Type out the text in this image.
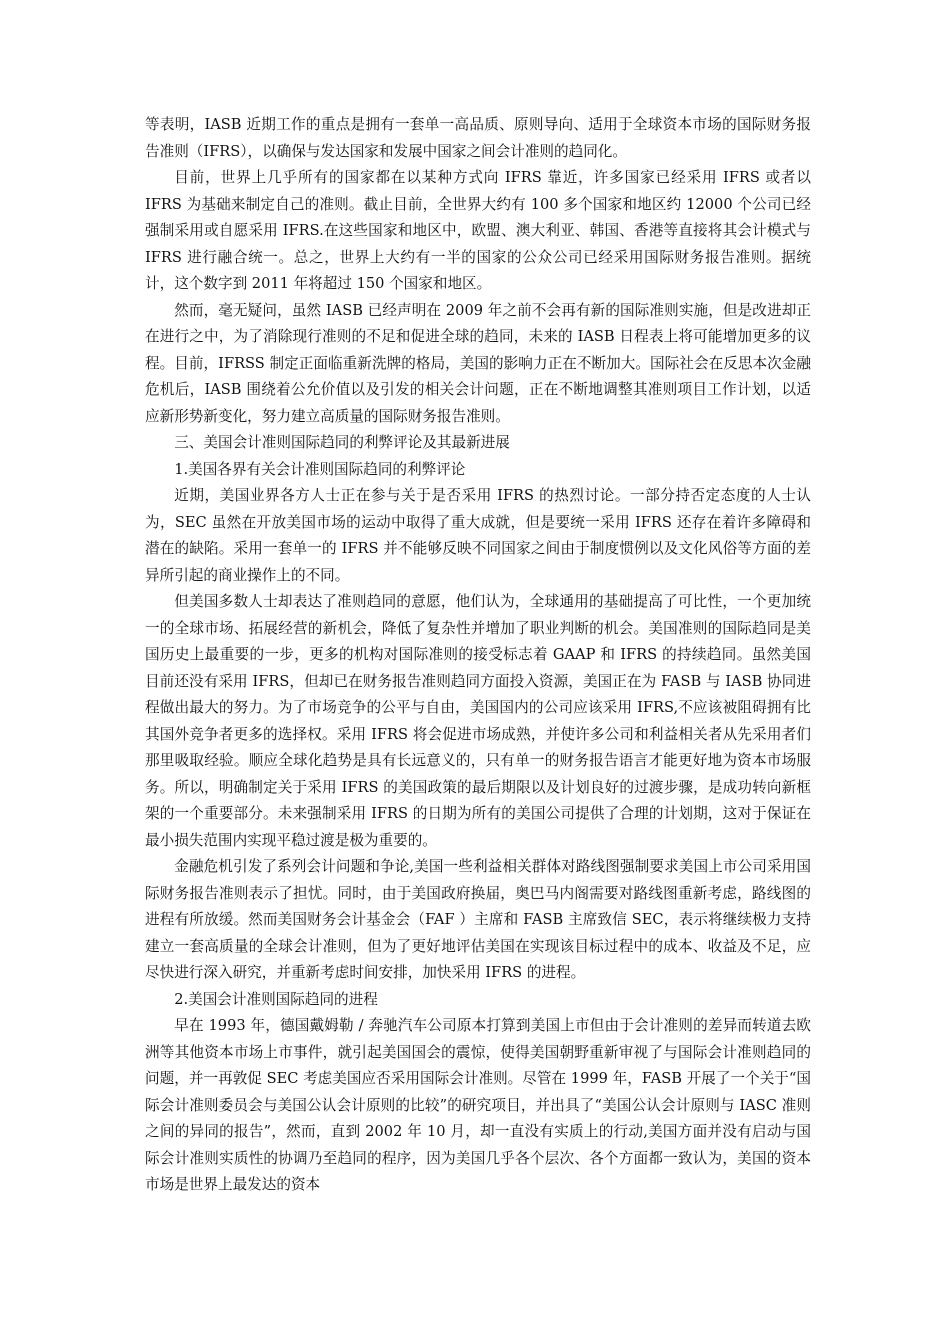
等表明，IASB 近期工作的重点是拥有一套单一高品质、原则导向、适用于全球资本市场的国际财务报告准则（IFRS），以确保与发达国家和发展中国家之间会计准则的趋同化。

目前，世界上几乎所有的国家都在以某种方式向 IFRS 靠近，许多国家已经采用 IFRS 或者以 IFRS 为基础来制定自己的准则。截止目前，全世界大约有 100 多个国家和地区约 12000 个公司已经强制采用或自愿采用 IFRS.在这些国家和地区中，欧盟、澳大利亚、韩国、香港等直接将其会计模式与 IFRS 进行融合统一。总之，世界上大约有一半的国家的公众公司已经采用国际财务报告准则。据统计，这个数字到 2011 年将超过 150 个国家和地区。

然而，毫无疑问，虽然 IASB 已经声明在 2009 年之前不会再有新的国际准则实施，但是改进却正在进行之中，为了消除现行准则的不足和促进全球的趋同，未来的 IASB 日程表上将可能增加更多的议程。目前，IFRSS 制定正面临重新洗牌的格局，美国的影响力正在不断加大。国际社会在反思本次金融危机后，IASB 围绕着公允价值以及引发的相关会计问题，正在不断地调整其准则项目工作计划，以适应新形势新变化，努力建立高质量的国际财务报告准则。

三、美国会计准则国际趋同的利弊评论及其最新进展

1.美国各界有关会计准则国际趋同的利弊评论

近期，美国业界各方人士正在参与关于是否采用 IFRS 的热烈讨论。一部分持否定态度的人士认为，SEC 虽然在开放美国市场的运动中取得了重大成就，但是要统一采用 IFRS 还存在着许多障碍和潜在的缺陷。采用一套单一的 IFRS 并不能够反映不同国家之间由于制度惯例以及文化风俗等方面的差异所引起的商业操作上的不同。

但美国多数人士却表达了准则趋同的意愿，他们认为，全球通用的基础提高了可比性，一个更加统一的全球市场、拓展经营的新机会，降低了复杂性并增加了职业判断的机会。美国准则的国际趋同是美国历史上最重要的一步，更多的机构对国际准则的接受标志着 GAAP 和 IFRS 的持续趋同。虽然美国目前还没有采用 IFRS，但却已在财务报告准则趋同方面投入资源，美国正在为 FASB 与 IASB 协同进程做出最大的努力。为了市场竞争的公平与自由，美国国内的公司应该采用 IFRS,不应该被阻碍拥有比其国外竞争者更多的选择权。采用 IFRS 将会促进市场成熟，并使许多公司和利益相关者从先采用者们那里吸取经验。顺应全球化趋势是具有长远意义的，只有单一的财务报告语言才能更好地为资本市场服务。所以，明确制定关于采用 IFRS 的美国政策的最后期限以及计划良好的过渡步骤，是成功转向新框架的一个重要部分。未来强制采用 IFRS 的日期为所有的美国公司提供了合理的计划期，这对于保证在最小损失范围内实现平稳过渡是极为重要的。

金融危机引发了系列会计问题和争论,美国一些利益相关群体对路线图强制要求美国上市公司采用国际财务报告准则表示了担忧。同时，由于美国政府换届，奥巴马内阁需要对路线图重新考虑，路线图的进程有所放缓。然而美国财务会计基金会（FAF ）主席和 FASB 主席致信 SEC，表示将继续极力支持建立一套高质量的全球会计准则，但为了更好地评估美国在实现该目标过程中的成本、收益及不足，应尽快进行深入研究，并重新考虑时间安排，加快采用 IFRS 的进程。

2.美国会计准则国际趋同的进程

早在 1993 年，德国戴姆勒 / 奔驰汽车公司原本打算到美国上市但由于会计准则的差异而转道去欧洲等其他资本市场上市事件，就引起美国国会的震惊，使得美国朝野重新审视了与国际会计准则趋同的问题，并一再敦促 SEC 考虑美国应否采用国际会计准则。尽管在 1999 年，FASB 开展了一个关于“国际会计准则委员会与美国公认会计原则的比较”的研究项目，并出具了“美国公认会计原则与 IASC 准则之间的异同的报告”，然而，直到 2002 年 10 月，却一直没有实质上的行动,美国方面并没有启动与国际会计准则实质性的协调乃至趋同的程序，因为美国几乎各个层次、各个方面都一致认为，美国的资本市场是世界上最发达的资本
